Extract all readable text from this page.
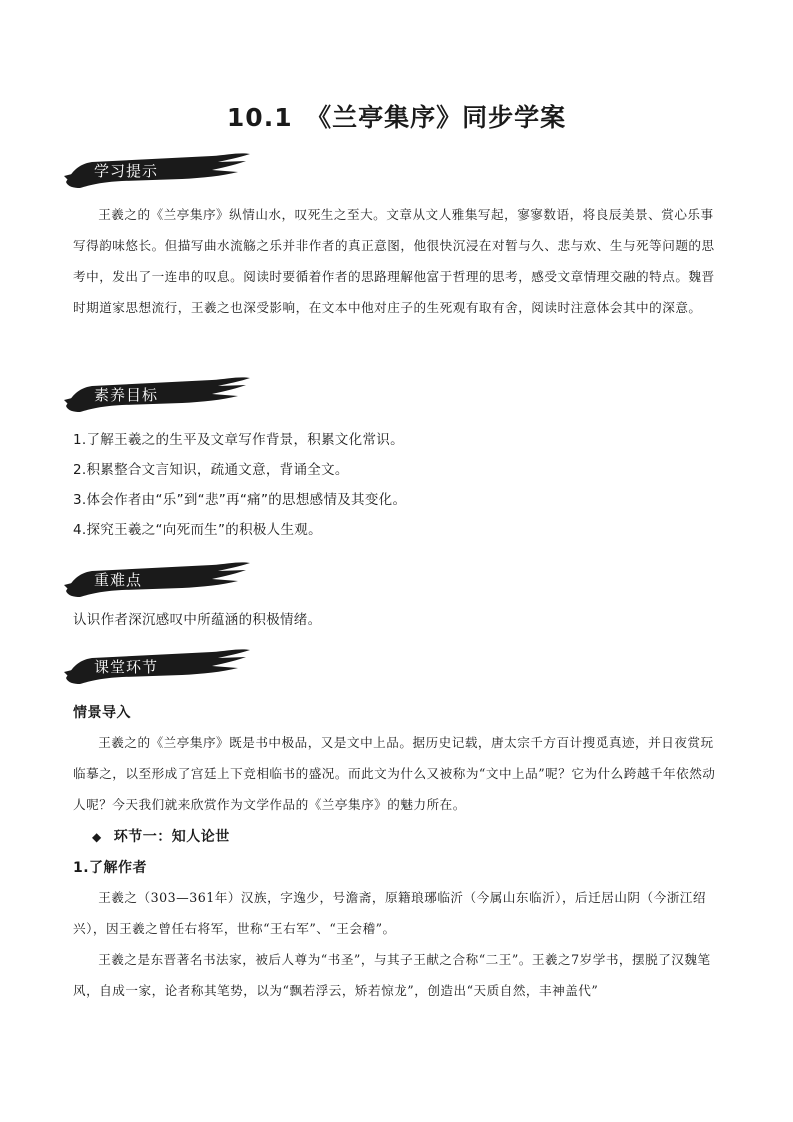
10.1　《兰亭集序》同步学案
学习提示

王羲之的《兰亭集序》纵情山水，叹死生之至大。文章从文人雅集写起，寥寥数语，将良辰美景、赏心乐事写得韵味悠长。但描写曲水流觞之乐并非作者的真正意图，他很快沉浸在对暂与久、悲与欢、生与死等问题的思考中，发出了一连串的叹息。阅读时要循着作者的思路理解他富于哲理的思考，感受文章情理交融的特点。魏晋时期道家思想流行，王羲之也深受影响，在文本中他对庄子的生死观有取有舍，阅读时注意体会其中的深意。

素养目标

1.了解王羲之的生平及文章写作背景，积累文化常识。

2.积累整合文言知识，疏通文意，背诵全文。

3.体会作者由“乐”到“悲”再“痛”的思想感情及其变化。

4.探究王羲之“向死而生”的积极人生观。

重难点

认识作者深沉感叹中所蕴涵的积极情绪。

课堂环节
情景导入

王羲之的《兰亭集序》既是书中极品，又是文中上品。据历史记载，唐太宗千方百计搜觅真迹，并日夜赏玩临摹之，以至形成了宫廷上下竞相临书的盛况。而此文为什么又被称为“文中上品”呢？它为什么跨越千年依然动人呢？今天我们就来欣赏作为文学作品的《兰亭集序》的魅力所在。

◆ 环节一：知人论世
1.了解作者

王羲之（303—361年）汉族，字逸少，号澹斋，原籍琅琊临沂（今属山东临沂），后迁居山阴（今浙江绍兴），因王羲之曾任右将军，世称“王右军”、“王会稽”。

王羲之是东晋著名书法家，被后人尊为“书圣”，与其子王献之合称“二王”。王羲之7岁学书，摆脱了汉魏笔风，自成一家，论者称其笔势，以为“飘若浮云，矫若惊龙”，创造出“天质自然，丰神盖代”
